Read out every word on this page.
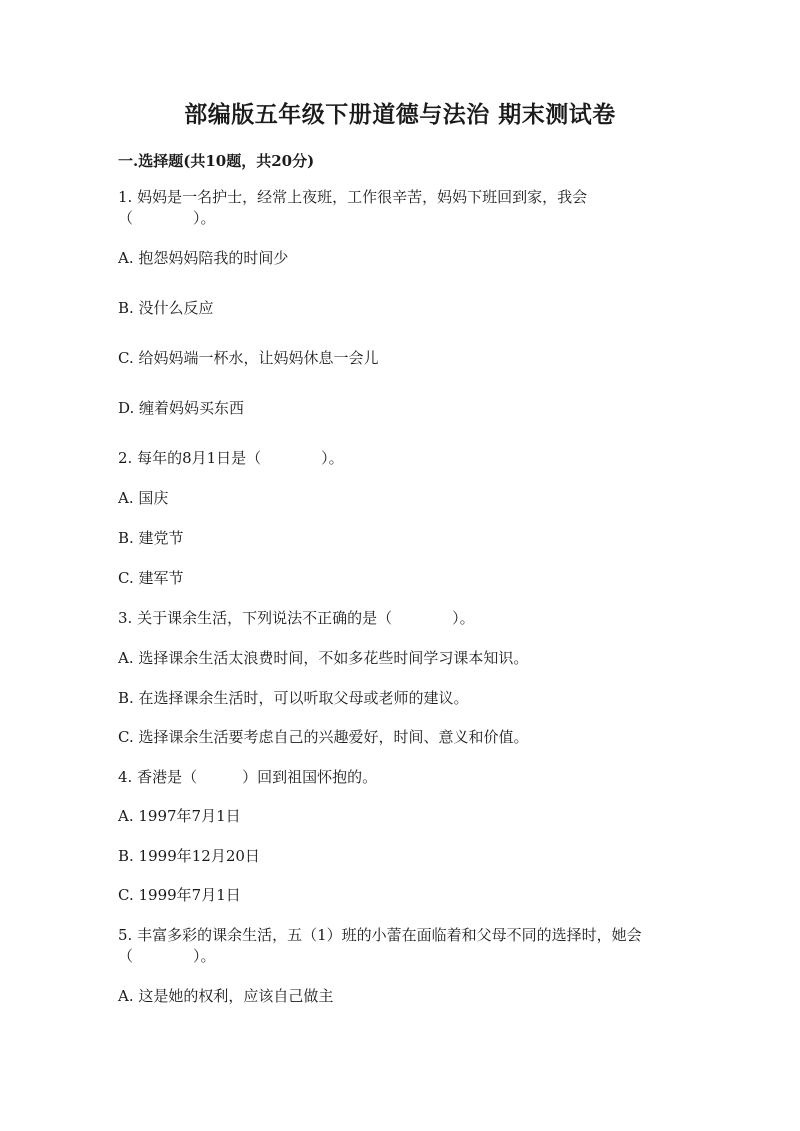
部编版五年级下册道德与法治 期末测试卷
一.选择题(共10题，共20分)
1. 妈妈是一名护士，经常上夜班，工作很辛苦，妈妈下班回到家，我会
（　　　　）。
A. 抱怨妈妈陪我的时间少
B. 没什么反应
C. 给妈妈端一杯水，让妈妈休息一会儿
D. 缠着妈妈买东西
2. 每年的8月1日是（　　　　）。
A. 国庆
B. 建党节
C. 建军节
3. 关于课余生活，下列说法不正确的是（　　　　）。
A. 选择课余生活太浪费时间，不如多花些时间学习课本知识。
B. 在选择课余生活时，可以听取父母或老师的建议。
C. 选择课余生活要考虑自己的兴趣爱好，时间、意义和价值。
4. 香港是（　　　）回到祖国怀抱的。
A. 1997年7月1日
B. 1999年12月20日
C. 1999年7月1日
5. 丰富多彩的课余生活，五（1）班的小蕾在面临着和父母不同的选择时，她会
（　　　　）。
A. 这是她的权利，应该自己做主
